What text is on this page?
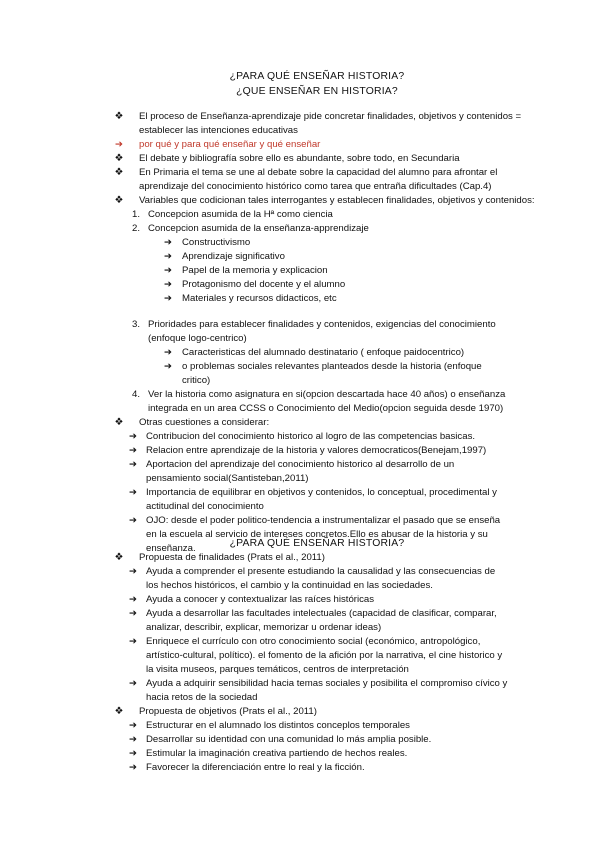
¿PARA QUÉ ENSEÑAR HISTORIA?
¿QUE ENSEÑAR EN HISTORIA?
❖ El proceso de Enseñanza-aprendizaje pide concretar finalidades, objetivos y contenidos =
establecer las intenciones educativas
➔ por qué y para qué enseñar y qué enseñar
❖ El debate y bibliografía sobre ello es abundante, sobre todo, en Secundaria
❖ En Primaria el tema se une al debate sobre la capacidad del alumno para afrontar el
aprendizaje del conocimiento histórico como tarea que entraña dificultades (Cap.4)
❖ Variables que codicionan tales interrogantes y establecen finalidades, objetivos y contenidos:
1. Concepcion asumida de la Hª como ciencia
2. Concepcion asumida de la enseñanza-apprendizaje
➔ Constructivismo
➔ Aprendizaje significativo
➔ Papel de la memoria y explicacion
➔ Protagonismo del docente y el alumno
➔ Materiales y recursos didacticos, etc
3. Prioridades para establecer finalidades y contenidos, exigencias del conocimiento
(enfoque logo-centrico)
➔ Caracteristicas del alumnado destinatario ( enfoque paidocentrico)
➔ o problemas sociales relevantes planteados desde la historia (enfoque
critico)
4. Ver la historia como asignatura en si(opcion descartada hace 40 años) o enseñanza
integrada en un area CCSS o Conocimiento del Medio(opcion seguida desde 1970)
❖ Otras cuestiones a considerar:
➔ Contribucion del conocimiento historico al logro de las competencias basicas.
➔ Relacion entre aprendizaje de la historia y valores democraticos(Benejam,1997)
➔ Aportacion del aprendizaje del conocimiento historico al desarrollo de un
pensamiento social(Santisteban,2011)
➔ Importancia de equilibrar en objetivos y contenidos, lo conceptual, procedimental y
actitudinal del conocimiento
➔ OJO: desde el poder politico-tendencia a instrumentalizar el pasado que se enseña
en la escuela al servicio de intereses concretos.Ello es abusar de la historia y su
enseñanza.	¿PARA QUÉ ENSEÑAR HISTORIA?
❖ Propuesta de finalidades (Prats el al., 2011)
➔ Ayuda a comprender el presente estudiando la causalidad y las consecuencias de
los hechos históricos, el cambio y la continuidad en las sociedades.
➔ Ayuda a conocer y contextualizar las raíces históricas
➔ Ayuda a desarrollar las facultades intelectuales (capacidad de clasificar, comparar,
analizar, describir, explicar, memorizar u ordenar ideas)
➔ Enriquece el currículo con otro conocimiento social (económico, antropológico,
artístico-cultural, político). el fomento de la afición por la narrativa, el cine historico y
la visita museos, parques temáticos, centros de interpretación
➔ Ayuda a adquirir sensibilidad hacia temas sociales y posibilita el compromiso cívico y
hacia retos de la sociedad
❖ Propuesta de objetivos (Prats el al., 2011)
➔ Estructurar en el alumnado los distintos conceplos temporales
➔ Desarrollar su identidad con una comunidad lo más amplia posible.
➔ Estimular la imaginación creativa partiendo de hechos reales.
➔ Favorecer la diferenciación entre lo real y la ficción.
